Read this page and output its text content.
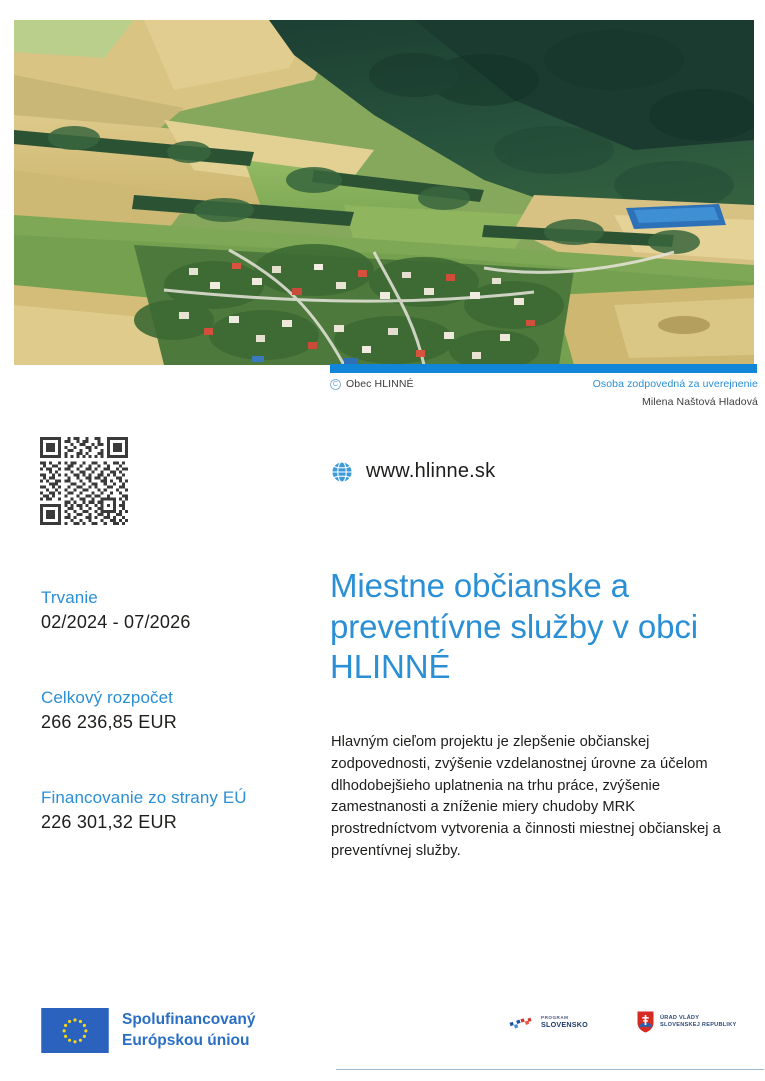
C Obec HLINNÉ	Osoba zodpovedná za uverejnenie
Milena Naštová Hladová
www.hlinne.sk
Trvanie
02/2024 - 07/2026
Celkový rozpočet
266 236,85 EUR
Financovanie zo strany EÚ
226 301,32 EUR
Miestne občianske a preventívne služby v obci HLINNÉ
Hlavným cieľom projektu je zlepšenie občianskej zodpovednosti, zvýšenie vzdelanostnej úrovne za účelom dlhodobejšieho uplatnenia na trhu práce, zvýšenie zamestnanosti a zníženie miery chudoby MRK prostredníctvom vytvorenia a činnosti miestnej občianskej a preventívnej služby.
Spolufinancovaný
Európskou úniou
PROGRAM
SLOVENSKO
ÚRAD VLÁDY
SLOVENSKEJ REPUBLIKY
